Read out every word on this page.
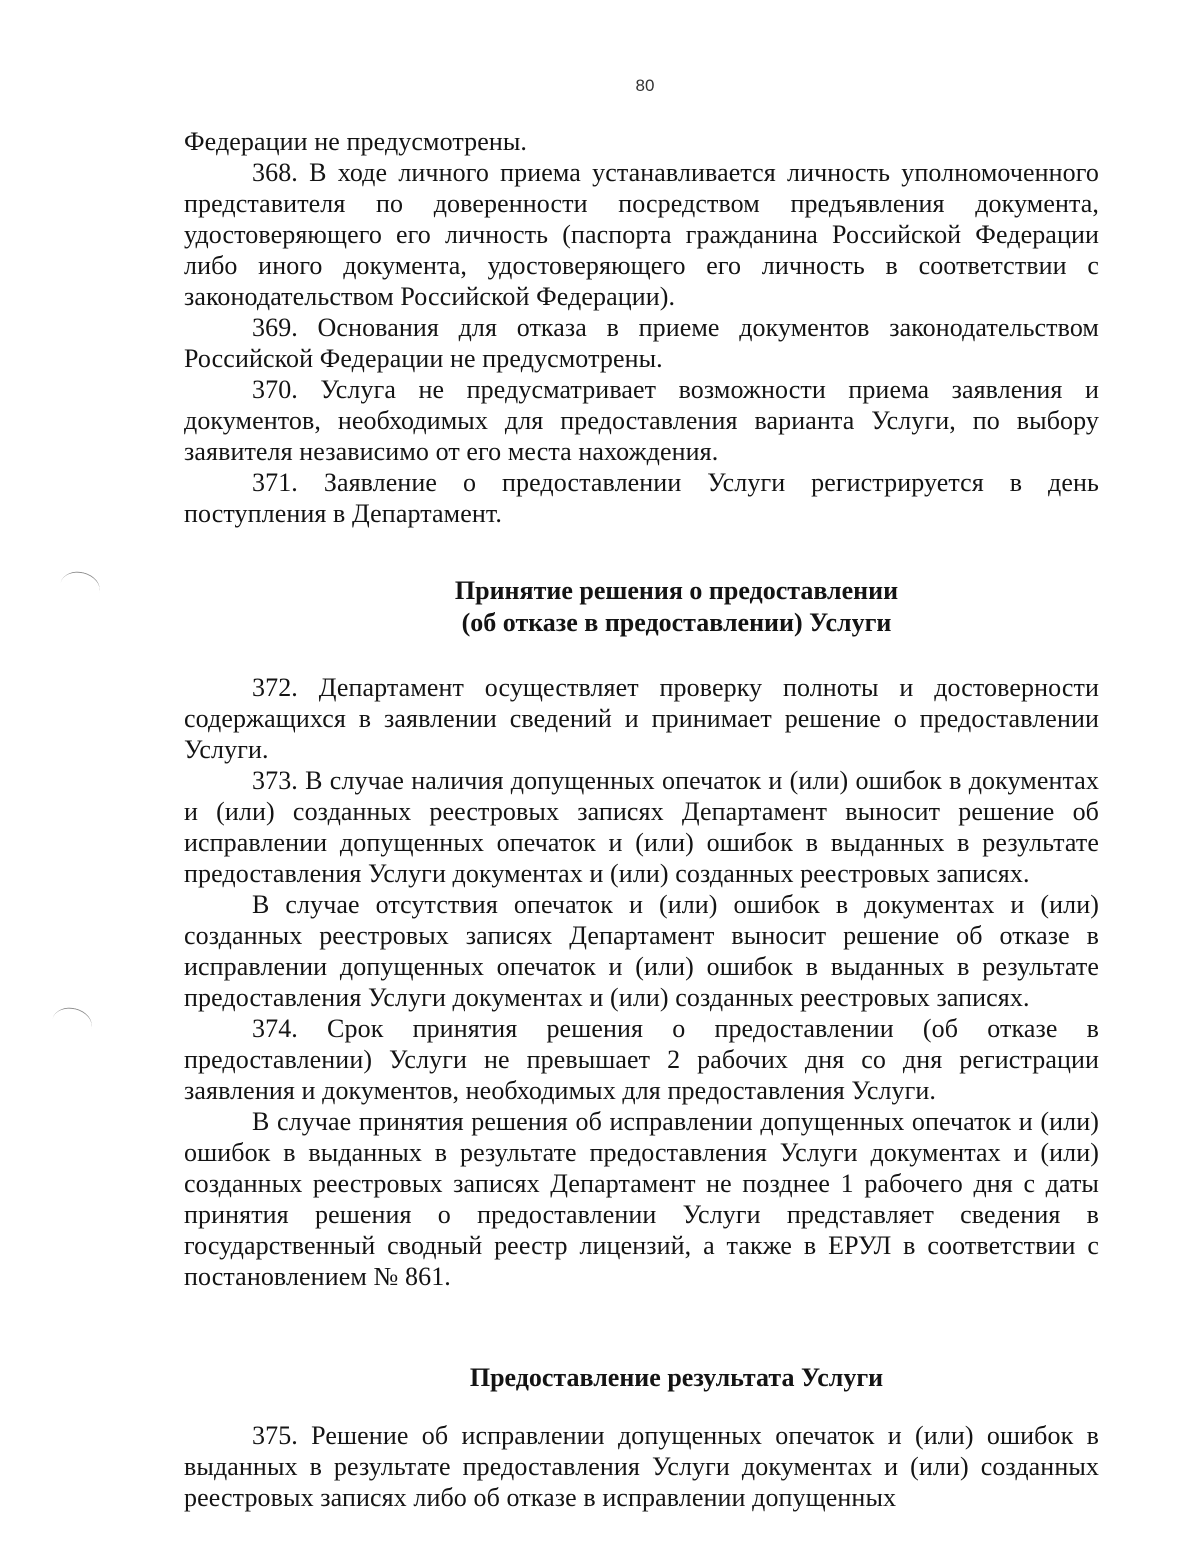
80

Федерации не предусмотрены.

368. В ходе личного приема устанавливается личность уполномоченного представителя по доверенности посредством предъявления документа, удостоверяющего его личность (паспорта гражданина Российской Федерации либо иного документа, удостоверяющего его личность в соответствии с законодательством Российской Федерации).

369. Основания для отказа в приеме документов законодательством Российской Федерации не предусмотрены.

370. Услуга не предусматривает возможности приема заявления и документов, необходимых для предоставления варианта Услуги, по выбору заявителя независимо от его места нахождения.

371. Заявление о предоставлении Услуги регистрируется в день поступления в Департамент.

Принятие решения о предоставлении

(об отказе в предоставлении) Услуги

372. Департамент осуществляет проверку полноты и достоверности содержащихся в заявлении сведений и принимает решение о предоставлении Услуги.

373. В случае наличия допущенных опечаток и (или) ошибок в документах и (или) созданных реестровых записях Департамент выносит решение об исправлении допущенных опечаток и (или) ошибок в выданных в результате предоставления Услуги документах и (или) созданных реестровых записях.

В случае отсутствия опечаток и (или) ошибок в документах и (или) созданных реестровых записях Департамент выносит решение об отказе в исправлении допущенных опечаток и (или) ошибок в выданных в результате предоставления Услуги документах и (или) созданных реестровых записях.

374. Срок принятия решения о предоставлении (об отказе в предоставлении) Услуги не превышает 2 рабочих дня со дня регистрации заявления и документов, необходимых для предоставления Услуги.

В случае принятия решения об исправлении допущенных опечаток и (или) ошибок в выданных в результате предоставления Услуги документах и (или) созданных реестровых записях Департамент не позднее 1 рабочего дня с даты принятия решения о предоставлении Услуги представляет сведения в государственный сводный реестр лицензий, а также в ЕРУЛ в соответствии с постановлением № 861.

Предоставление результата Услуги

375. Решение об исправлении допущенных опечаток и (или) ошибок в выданных в результате предоставления Услуги документах и (или) созданных реестровых записях либо об отказе в исправлении допущенных
